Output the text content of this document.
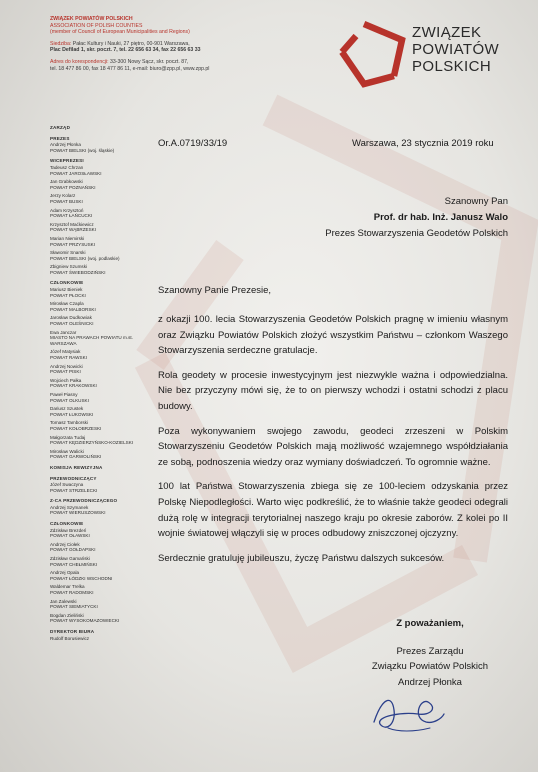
ZWIĄZEK POWIATÓW POLSKICH
ASSOCIATION OF POLISH COUNTIES
(member of Council of European Municipalities and Regions)
Siedziba: Pałac Kultury i Nauki, 27 piętro, 00-901 Warszawa,
Plac Defilad 1, skr. poczt. 7, tel. 22 656 63 34, fax 22 656 63 33
Adres do korespondencji: 33-300 Nowy Sącz, skr. poczt. 87,
tel. 18 477 86 00, fax 18 477 86 11, e-mail: biuro@zpp.pl, www.zpp.pl
ZWIĄZEK
POWIATÓW
POLSKICH
ZARZĄD
PREZES
Andrzej Płonka
POWIAT BIELSKI (woj. śląskie)
WICEPREZESI
Tadeusz Chrzan
POWIAT JAROSŁAWSKI
Jan Grabkowski
POWIAT POZNAŃSKI
Jerzy Kolarz
POWIAT BUSKI
Adam Krzysztoń
POWIAT ŁAŃCUCKI
Krzysztof Maćkiewicz
POWIAT WĄBRZESKI
Marian Niemirski
POWIAT PRZYSUSKI
Sławomir Snarski
POWIAT BIELSKI (woj. podlaskie)
Zbigniew Szumski
POWIAT ŚWIEBODZIŃSKI
CZŁONKOWIE
Mariusz Bieniek
POWIAT PŁOCKI
Mirosław Czapla
POWIAT MALBORSKI
Jarosław Dudkowiak
POWIAT OLEŚNICKI
Ewa Janczar
MIASTO NA PRAWACH POWIATU m.st. WARSZAWA
Józef Matysiak
POWIAT RAWSKI
Andrzej Nowicki
POWIAT PISKI
Wojciech Pałka
POWIAT KRAKOWSKI
Paweł Piasny
POWIAT OLKUSKI
Dariusz Szustek
POWIAT ŁUKOWSKI
Tomasz Tamborski
POWIAT KOŁOBRZESKI
Małgorzata Tudaj
POWIAT KĘDZIERZYŃSKO-KOZIELSKI
Mirosław Walicki
POWIAT GARWOLIŃSKI
KOMISJA REWIZYJNA
PRZEWODNICZĄCY
Józef Swaczyna
POWIAT STRZELECKI
Z-CA PRZEWODNICZĄCEGO
Andrzej Szymanek
POWIAT WIERUSZOWSKI
CZŁONKOWIE
Zdzisław Brezdeń
POWIAT OŁAWSKI
Andrzej Ciołek
POWIAT GOŁDAPSKI
Zdzisław Gamański
POWIAT CHEŁMIŃSKI
Andrzej Opala
POWIAT ŁÓDZKI WSCHODNI
Waldemar Trelka
POWIAT RADOMSKI
Jan Zalewski
POWIAT SIEMIATYCKI
Bogdan Zieliński
POWIAT WYSOKOMAZOWIECKI
DYREKTOR BIURA
Rudolf Borusiewicz
Or.A.0719/33/19	Warszawa, 23 stycznia 2019 roku
Szanowny Pan
Prof. dr hab. Inż. Janusz Walo
Prezes Stowarzyszenia Geodetów Polskich
Szanowny Panie Prezesie,

z okazji 100. lecia Stowarzyszenia Geodetów Polskich pragnę w imieniu własnym oraz Związku Powiatów Polskich złożyć wszystkim Państwu – członkom Waszego Stowarzyszenia serdeczne gratulacje.

Rola geodety w procesie inwestycyjnym jest niezwykle ważna i odpowiedzialna. Nie bez przyczyny mówi się, że to on pierwszy wchodzi i ostatni schodzi z placu budowy.

Poza wykonywaniem swojego zawodu, geodeci zrzeszeni w Polskim Stowarzyszeniu Geodetów Polskich mają możliwość wzajemnego współdziałania ze sobą, podnoszenia wiedzy oraz wymiany doświadczeń. To ogromnie ważne.

100 lat Państwa Stowarzyszenia zbiega się ze 100-leciem odzyskania przez Polskę Niepodległości. Warto więc podkreślić, że to właśnie także geodeci odegrali dużą rolę w integracji terytorialnej naszego kraju po okresie zaborów. Z kolei po II wojnie światowej włączyli się w proces odbudowy zniszczonej ojczyzny.

Serdecznie gratuluję jubileuszu, życzę Państwu dalszych sukcesów.

Z poważaniem,
Prezes Zarządu
Związku Powiatów Polskich
Andrzej Płonka
